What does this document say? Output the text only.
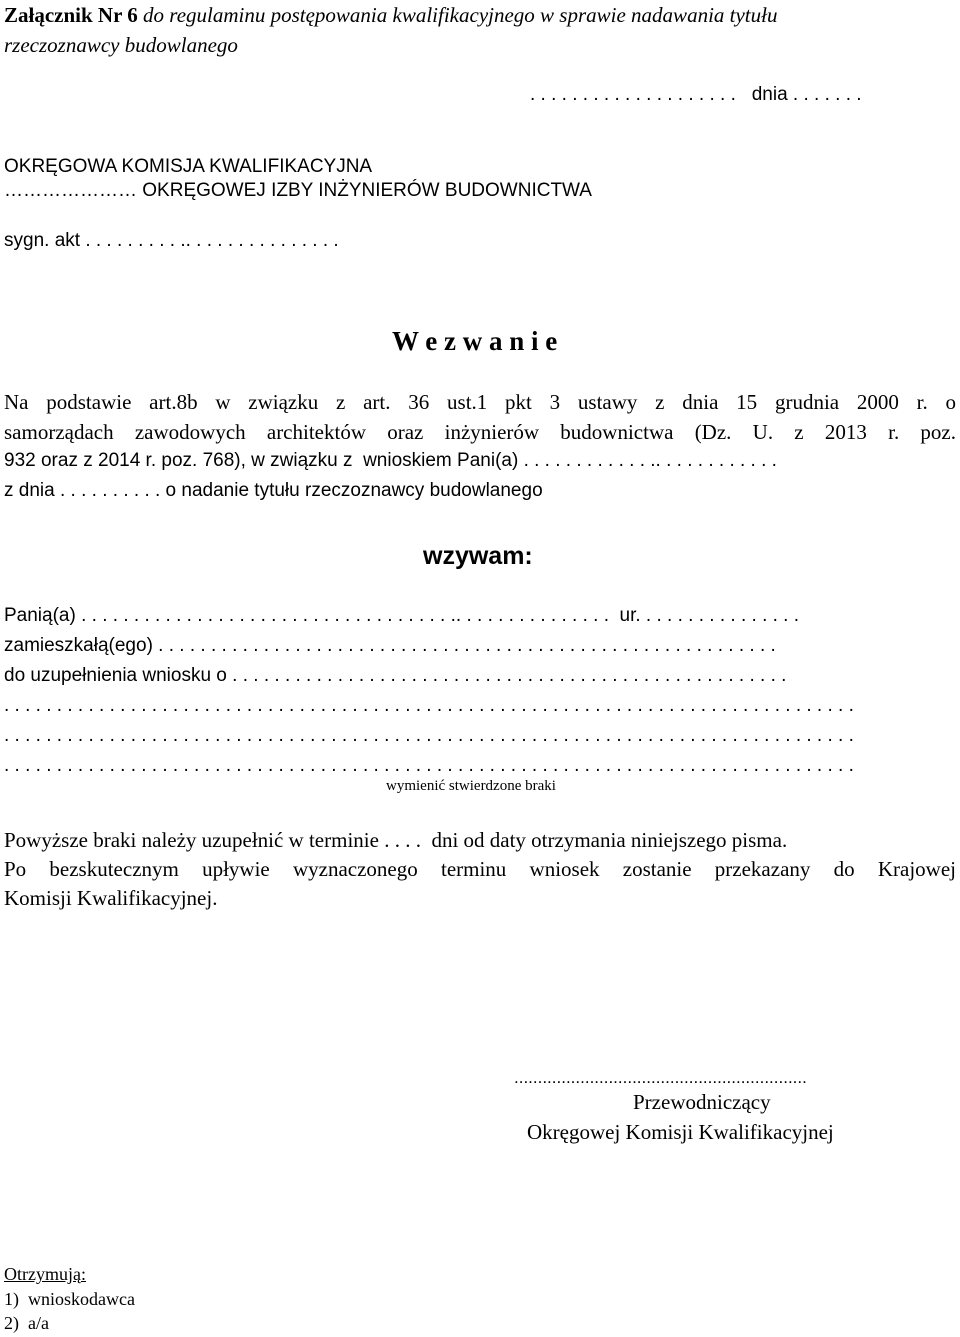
Załącznik Nr 6 do regulaminu postępowania kwalifikacyjnego w sprawie nadawania tytułu
rzeczoznawcy budowlanego
. . . . . . . . . . . . . . . . . . . .   dnia . . . . . . .
OKRĘGOWA KOMISJA KWALIFIKACYJNA
………………… OKRĘGOWEJ IZBY INŻYNIERÓW BUDOWNICTWA
sygn. akt . . . . . . . . . .. . . . . . . . . . . . . . .
W e z w a n i e
Na podstawie art.8b w związku z art. 36 ust.1 pkt 3 ustawy z dnia 15 grudnia 2000 r. o
samorządach zawodowych architektów oraz inżynierów budownictwa (Dz. U. z 2013 r. poz.
932 oraz z 2014 r. poz. 768), w związku z  wnioskiem Pani(a) . . . . . . . . . . . . .. . . . . . . . . . . .
z dnia . . . . . . . . . . o nadanie tytułu rzeczoznawcy budowlanego
wzywam:
Panią(a) . . . . . . . . . . . . . . . . . . . . . . . . . . . . . . . . . . . .. . . . . . . . . . . . . . .  ur. . . . . . . . . . . . . . . .
zamieszkałą(ego) . . . . . . . . . . . . . . . . . . . . . . . . . . . . . . . . . . . . . . . . . . . . . . . . . . . . . . . . . . .
do uzupełnienia wniosku o . . . . . . . . . . . . . . . . . . . . . . . . . . . . . . . . . . . . . . . . . . . . . . . . . . . . .
. . . . . . . . . . . . . . . . . . . . . . . . . . . . . . . . . . . . . . . . . . . . . . . . . . . . . . . . . . . . . . . . . . . . . . . . . . . . . . . . .
. . . . . . . . . . . . . . . . . . . . . . . . . . . . . . . . . . . . . . . . . . . . . . . . . . . . . . . . . . . . . . . . . . . . . . . . . . . . . . . . .
. . . . . . . . . . . . . . . . . . . . . . . . . . . . . . . . . . . . . . . . . . . . . . . . . . . . . . . . . . . . . . . . . . . . . . . . . . . . . . . . .
wymienić stwierdzone braki
Powyższe braki należy uzupełnić w terminie . . . .  dni od daty otrzymania niniejszego pisma.
Po bezskutecznym upływie wyznaczonego terminu wniosek zostanie przekazany do Krajowej
Komisji Kwalifikacyjnej.
..............................................................
Przewodniczący
Okręgowej Komisji Kwalifikacyjnej
Otrzymują:
1)  wnioskodawca
2)  a/a
